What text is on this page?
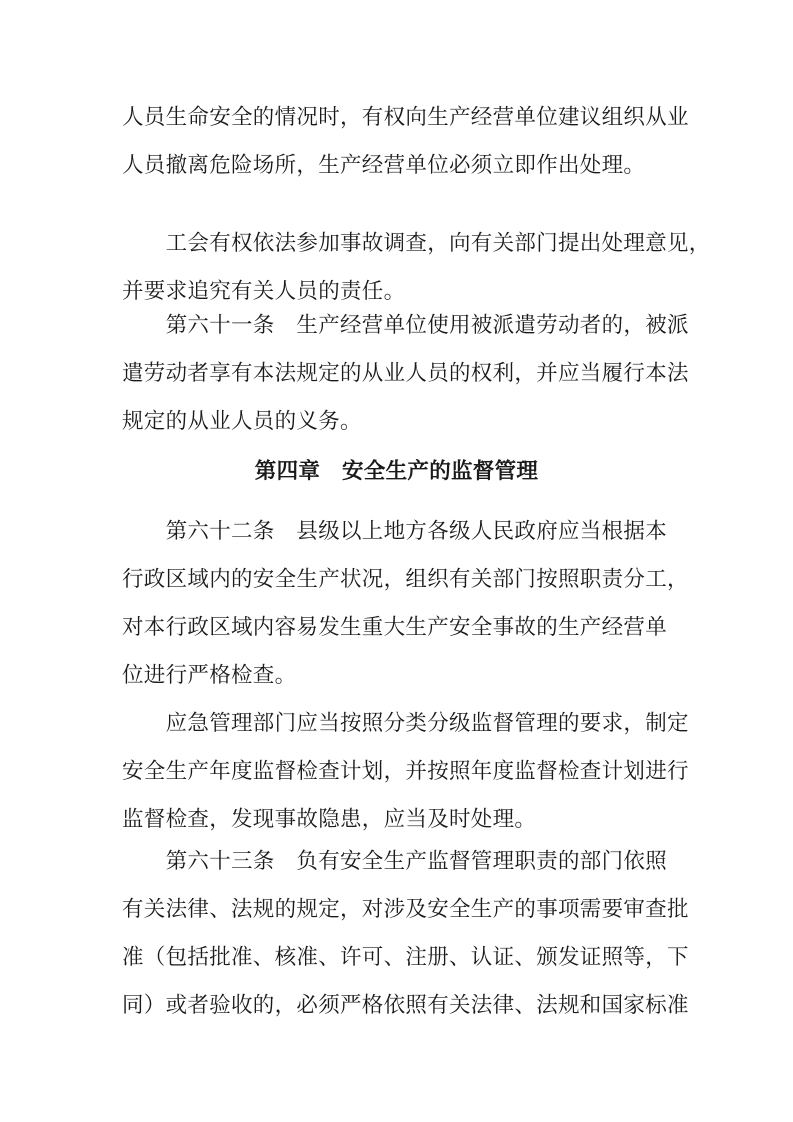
人员生命安全的情况时，有权向生产经营单位建议组织从业
人员撤离危险场所，生产经营单位必须立即作出处理。
　　工会有权依法参加事故调查，向有关部门提出处理意见，
并要求追究有关人员的责任。
　　第六十一条　生产经营单位使用被派遣劳动者的，被派
遣劳动者享有本法规定的从业人员的权利，并应当履行本法
规定的从业人员的义务。
第四章　安全生产的监督管理
　　第六十二条　县级以上地方各级人民政府应当根据本
行政区域内的安全生产状况，组织有关部门按照职责分工，
对本行政区域内容易发生重大生产安全事故的生产经营单
位进行严格检查。
　　应急管理部门应当按照分类分级监督管理的要求，制定
安全生产年度监督检查计划，并按照年度监督检查计划进行
监督检查，发现事故隐患，应当及时处理。
　　第六十三条　负有安全生产监督管理职责的部门依照
有关法律、法规的规定，对涉及安全生产的事项需要审查批
准（包括批准、核准、许可、注册、认证、颁发证照等，下
同）或者验收的，必须严格依照有关法律、法规和国家标准
